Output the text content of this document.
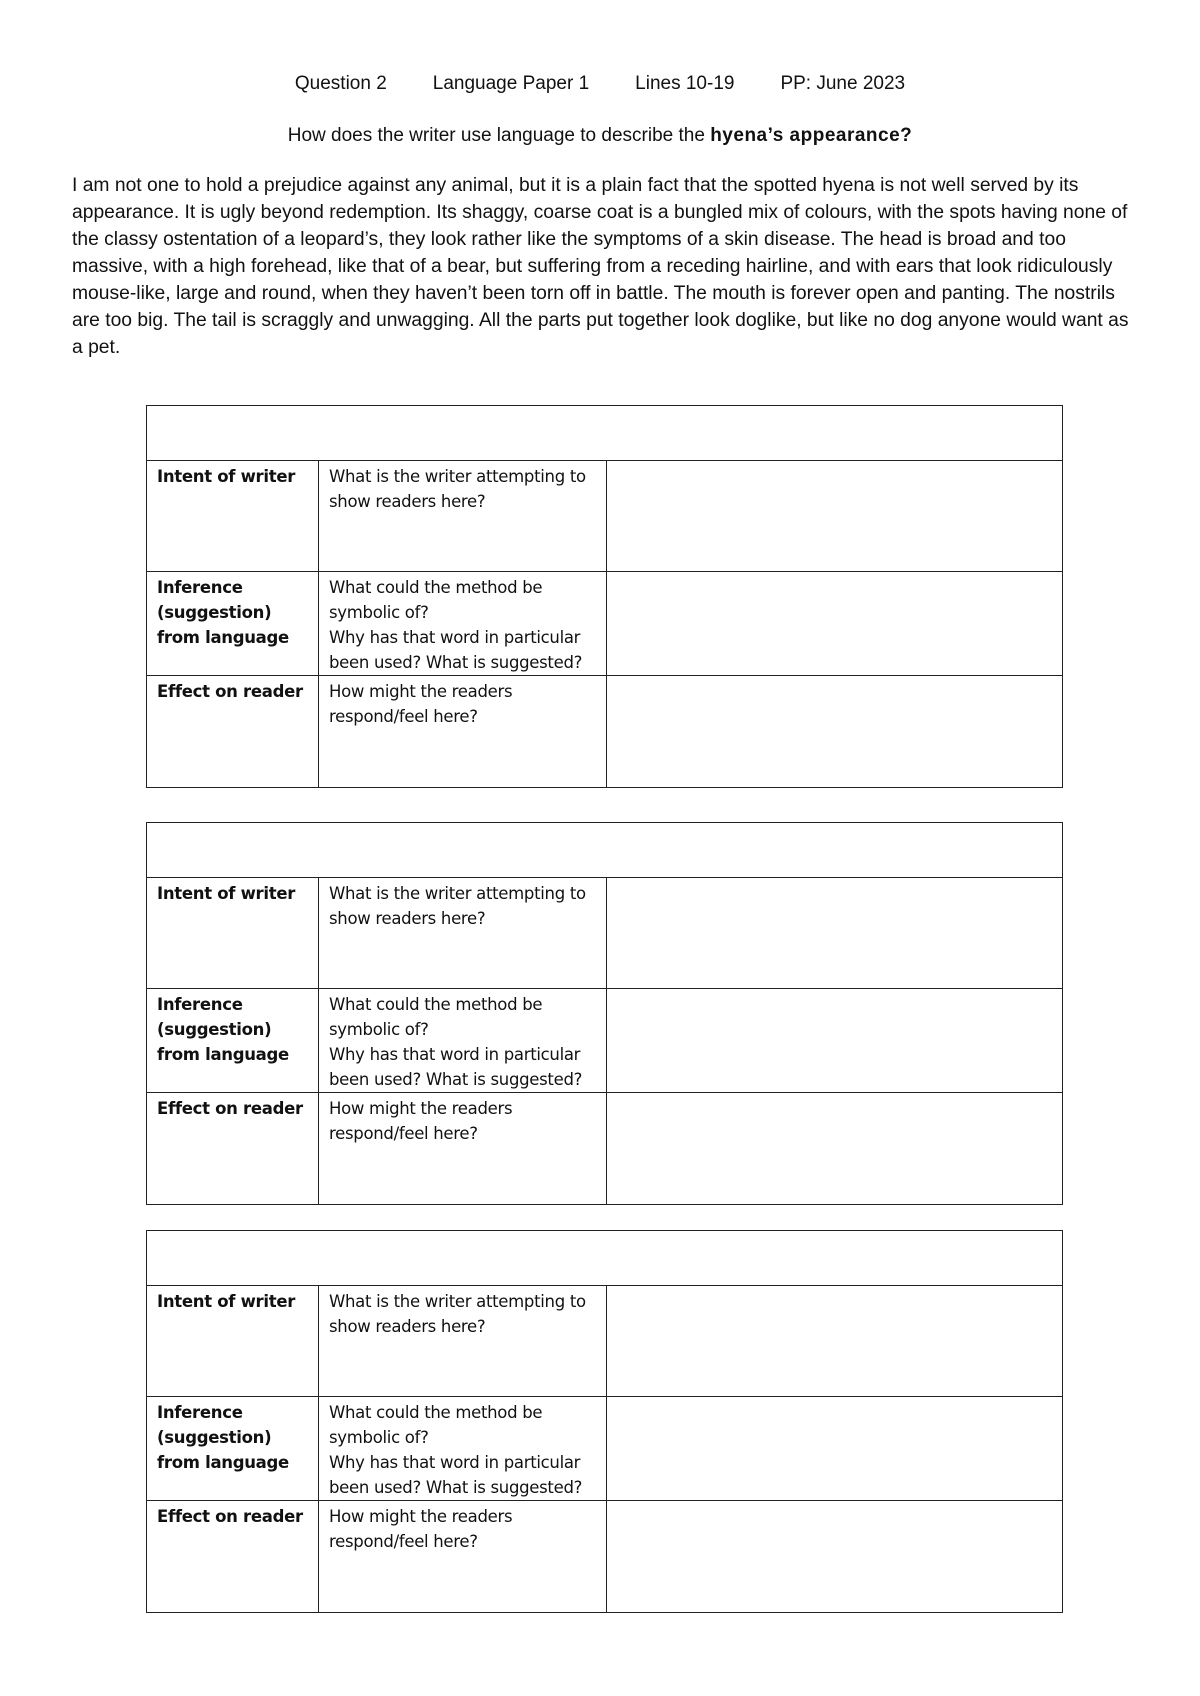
Question 2 Language Paper 1 Lines 10-19 PP: June 2023
How does the writer use language to describe the hyena’s appearance?

I am not one to hold a prejudice against any animal, but it is a plain fact that the spotted hyena is not well served by its appearance. It is ugly beyond redemption. Its shaggy, coarse coat is a bungled mix of colours, with the spots having none of the classy ostentation of a leopard’s, they look rather like the symptoms of a skin disease. The head is broad and too massive, with a high forehead, like that of a bear, but suffering from a receding hairline, and with ears that look ridiculously mouse-like, large and round, when they haven’t been torn off in battle. The mouth is forever open and panting. The nostrils are too big. The tail is scraggly and unwagging. All the parts put together look doglike, but like no dog anyone would want as a pet.

Intent of writer	What is the writer attempting to show readers here?	
Inference (suggestion) from language	What could the method be symbolic of?
Why has that word in particular been used? What is suggested?	
Effect on reader	How might the readers respond/feel here?	

Intent of writer	What is the writer attempting to show readers here?	
Inference (suggestion) from language	What could the method be symbolic of?
Why has that word in particular been used? What is suggested?	
Effect on reader	How might the readers respond/feel here?	

Intent of writer	What is the writer attempting to show readers here?	
Inference (suggestion) from language	What could the method be symbolic of?
Why has that word in particular been used? What is suggested?	
Effect on reader	How might the readers respond/feel here?	
